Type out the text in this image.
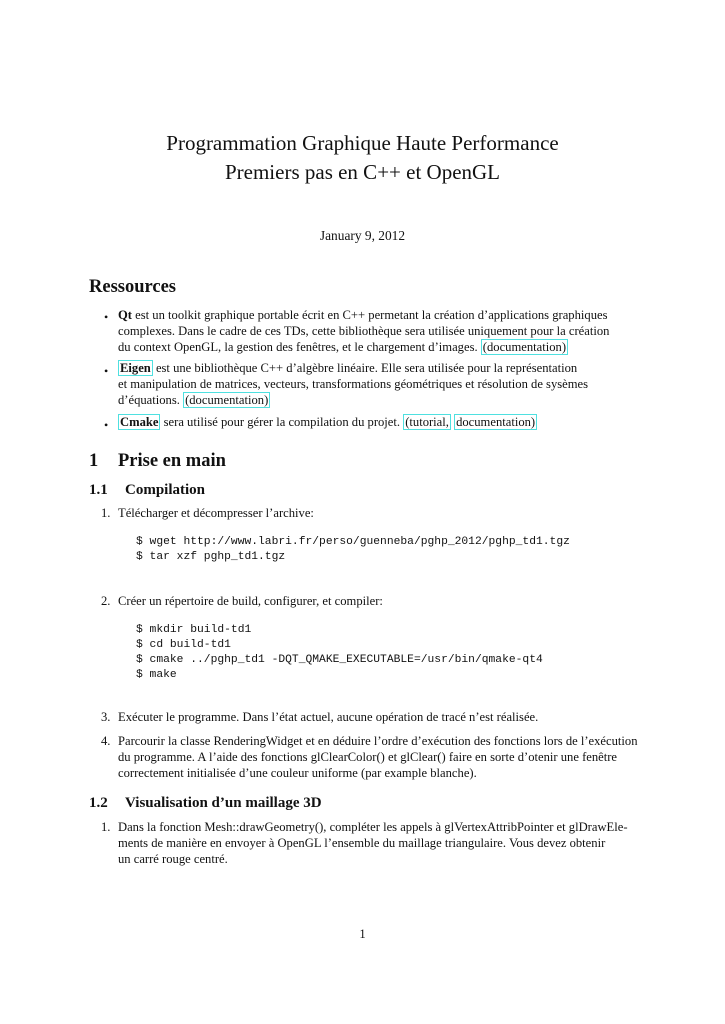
Programmation Graphique Haute Performance
Premiers pas en C++ et OpenGL
January 9, 2012
Ressources
• Qt est un toolkit graphique portable écrit en C++ permetant la création d’applications graphiques
complexes. Dans le cadre de ces TDs, cette bibliothèque sera utilisée uniquement pour la création
du context OpenGL, la gestion des fenêtres, et le chargement d’images. (documentation)
• Eigen est une bibliothèque C++ d’algèbre linéaire. Elle sera utilisée pour la représentation
et manipulation de matrices, vecteurs, transformations géométriques et résolution de sysèmes
d’équations. (documentation)
• Cmake sera utilisé pour gérer la compilation du projet. (tutorial, documentation)
1 Prise en main
1.1 Compilation
1. Télécharger et décompresser l’archive:
$ wget http://www.labri.fr/perso/guenneba/pghp_2012/pghp_td1.tgz
$ tar xzf pghp_td1.tgz
2. Créer un répertoire de build, configurer, et compiler:
$ mkdir build-td1
$ cd build-td1
$ cmake ../pghp_td1 -DQT_QMAKE_EXECUTABLE=/usr/bin/qmake-qt4
$ make
3. Exécuter le programme. Dans l’état actuel, aucune opération de tracé n’est réalisée.
4. Parcourir la classe RenderingWidget et en déduire l’ordre d’exécution des fonctions lors de l’exécution
du programme. A l’aide des fonctions glClearColor() et glClear() faire en sorte d’otenir une fenêtre
correctement initialisée d’une couleur uniforme (par example blanche).
1.2 Visualisation d’un maillage 3D
1. Dans la fonction Mesh::drawGeometry(), compléter les appels à glVertexAttribPointer et glDrawEle-
ments de manière en envoyer à OpenGL l’ensemble du maillage triangulaire. Vous devez obtenir
un carré rouge centré.
1
